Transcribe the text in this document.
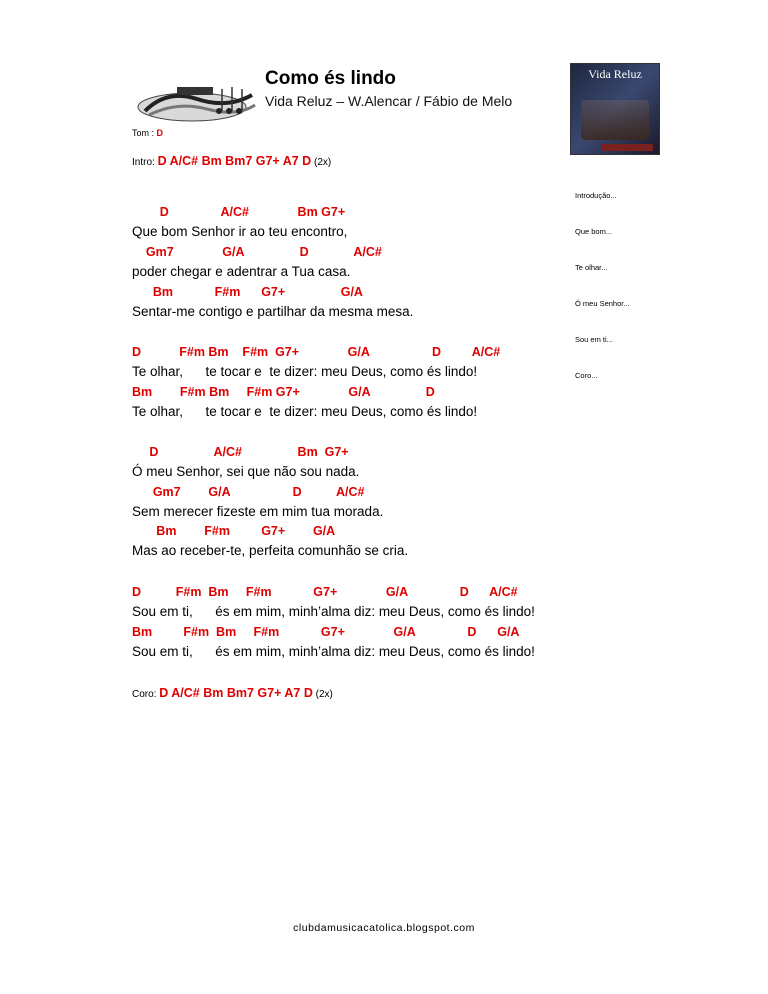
Como és lindo
Vida Reluz – W.Alencar / Fábio de Melo

Vida Reluz

Introdução...

Que bom...

Te olhar...

Ó meu Senhor...

Sou em ti...

Coro...

Tom : D
Intro: D A/C# Bm Bm7 G7+ A7 D (2x)
D               A/C#              Bm G7+
Que bom Senhor ir ao teu encontro,
Gm7              G/A                D             A/C#
poder chegar e adentrar a Tua casa.
Bm            F#m      G7+                G/A
Sentar-me contigo e partilhar da mesma mesa.
D           F#m Bm    F#m  G7+              G/A                  D         A/C#
Te olhar,      te tocar e  te dizer: meu Deus, como és lindo!
Bm        F#m Bm     F#m G7+              G/A                D
Te olhar,      te tocar e  te dizer: meu Deus, como és lindo!
D                A/C#                Bm  G7+
Ó meu Senhor, sei que não sou nada.
Gm7        G/A                  D          A/C#
Sem merecer fizeste em mim tua morada.
Bm        F#m         G7+        G/A
Mas ao receber-te, perfeita comunhão se cria.
D          F#m  Bm     F#m            G7+              G/A               D      A/C#
Sou em ti,      és em mim, minh’alma diz: meu Deus, como és lindo!
Bm         F#m  Bm     F#m            G7+              G/A               D      G/A
Sou em ti,      és em mim, minh’alma diz: meu Deus, como és lindo!
Coro: D A/C# Bm Bm7 G7+ A7 D (2x)
clubdamusicacatolica.blogspot.com
